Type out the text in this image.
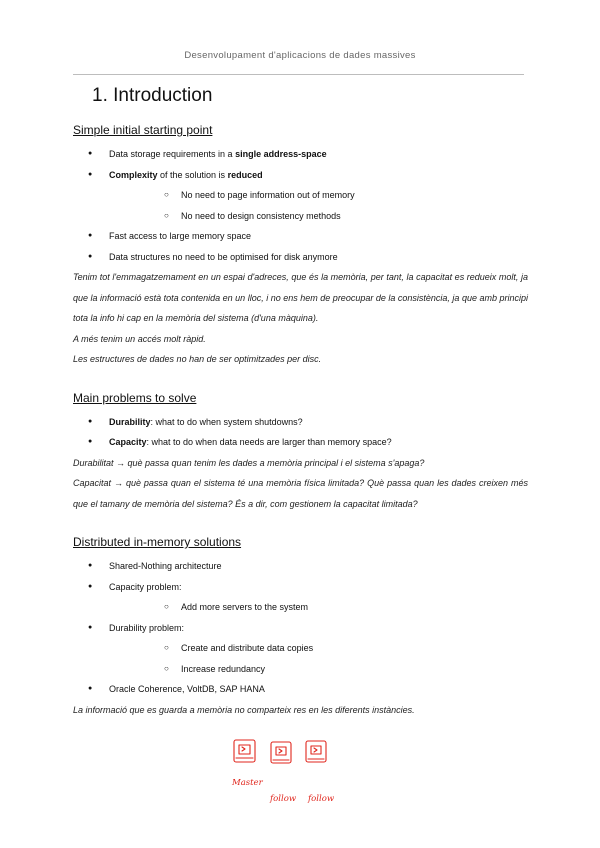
Desenvolupament d'aplicacions de dades massives
1. Introduction
Simple initial starting point
● Data storage requirements in a single address-space
● Complexity of the solution is reduced
○ No need to page information out of memory
○ No need to design consistency methods
● Fast access to large memory space
● Data structures no need to be optimised for disk anymore

Tenim tot l'emmagatzemament en un espai d'adreces, que és la memòria, per tant, la capacitat es redueix molt, ja que la informació està tota contenida en un lloc, i no ens hem de preocupar de la consistència, ja que amb principi tota la info hi cap en la memòria del sistema (d'una màquina).

A més tenim un accés molt ràpid.

Les estructures de dades no han de ser optimitzades per disc.

Main problems to solve
● Durability: what to do when system shutdowns?
● Capacity: what to do when data needs are larger than memory space?

Durabilitat → què passa quan tenim les dades a memòria principal i el sistema s'apaga?

Capacitat → què passa quan el sistema té una memòria física limitada? Què passa quan les dades creixen més que el tamany de memòria del sistema? És a dir, com gestionem la capacitat limitada?

Distributed in-memory solutions
● Shared-Nothing architecture
● Capacity problem:
○ Add more servers to the system
● Durability problem:
○ Create and distribute data copies
○ Increase redundancy
● Oracle Coherence, VoltDB, SAP HANA

La informació que es guarda a memòria no comparteix res en les diferents instàncies.

Master
follow follow
